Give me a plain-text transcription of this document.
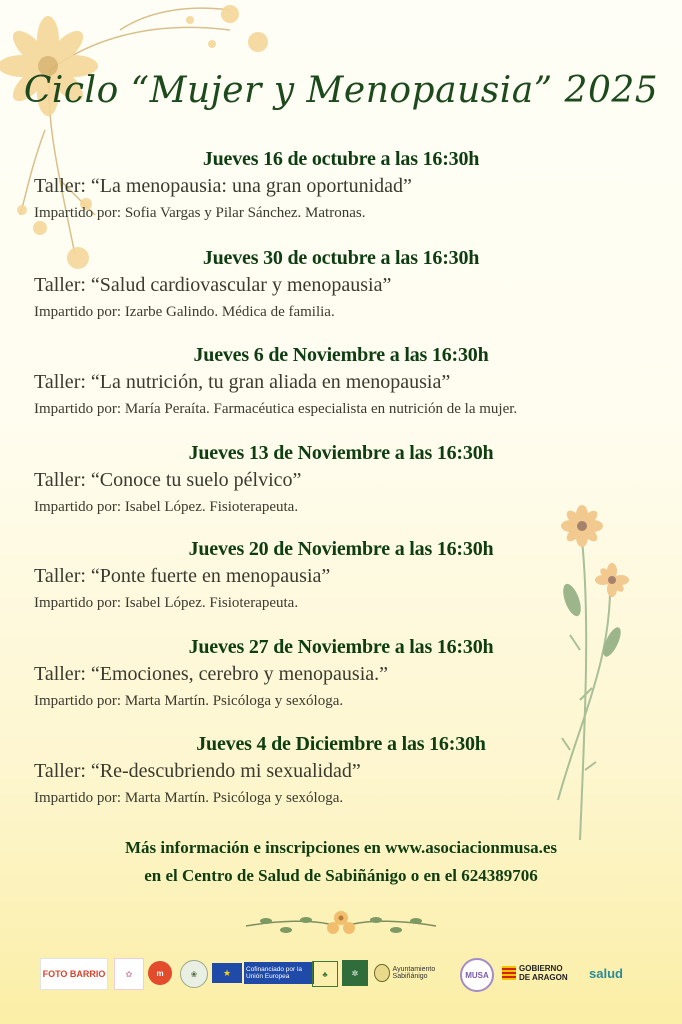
Ciclo “Mujer y Menopausia” 2025
Jueves 16 de octubre a las 16:30h
Taller: “La menopausia: una gran oportunidad”
Impartido por: Sofia Vargas y Pilar Sánchez. Matronas.
Jueves 30 de octubre a las 16:30h
Taller: “Salud cardiovascular y menopausia”
Impartido por: Izarbe Galindo. Médica de familia.
Jueves 6 de Noviembre a las 16:30h
Taller: “La nutrición, tu gran aliada en menopausia”
Impartido por: María Peraíta. Farmacéutica especialista en nutrición de la mujer.
Jueves 13 de Noviembre a las 16:30h
Taller: “Conoce tu suelo pélvico”
Impartido por: Isabel López. Fisioterapeuta.
Jueves 20 de Noviembre a las 16:30h
Taller: “Ponte fuerte en menopausia”
Impartido por: Isabel López. Fisioterapeuta.
Jueves 27 de Noviembre a las 16:30h
Taller: “Emociones, cerebro y menopausia.”
Impartido por: Marta Martín. Psicóloga y sexóloga.
Jueves 4 de Diciembre a las 16:30h
Taller: “Re-descubriendo mi sexualidad”
Impartido por: Marta Martín. Psicóloga y sexóloga.
Más información e inscripciones en www.asociacionmusa.es
en el Centro de Salud de Sabiñánigo o en el 624389706
FOTO BARRIO	✿	m	❀	★	Cofinanciado por la Unión Europea	♣	✲	Ayuntamiento Sabiñánigo	MUSA
GOBIERNO DE ARAGON	salud
